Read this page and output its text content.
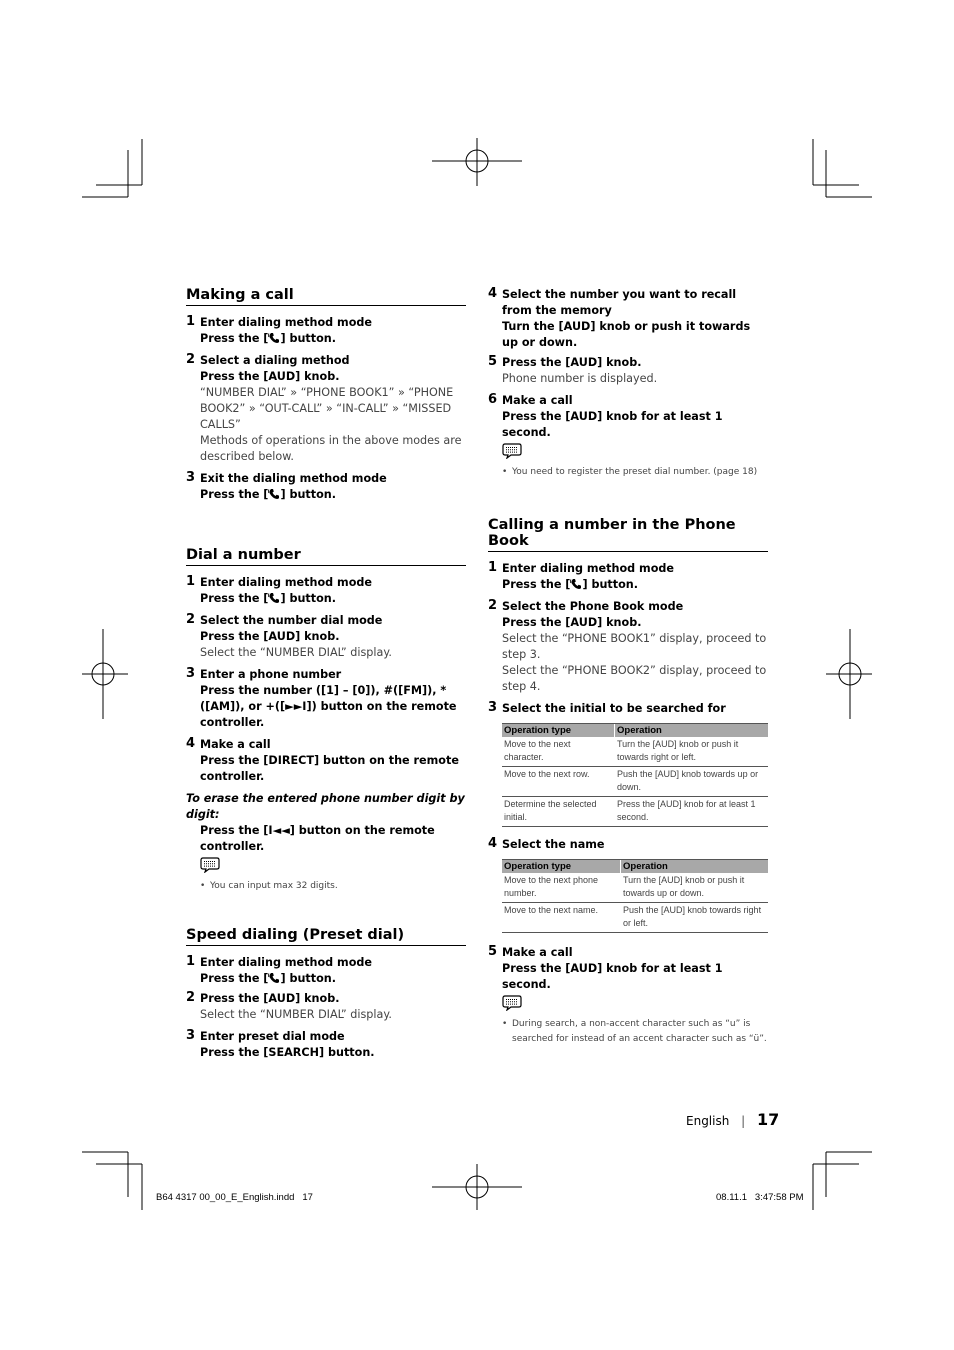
Making a call
1 Enter dialing method mode
Press the [ ] button.
2 Select a dialing method
Press the [AUD] knob.
“NUMBER DIAL” » “PHONE BOOK1” » “PHONE BOOK2” » “OUT-CALL” » “IN-CALL” » “MISSED CALLS”
Methods of operations in the above modes are described below.
3 Exit the dialing method mode
Press the [ ] button.
Dial a number
1 Enter dialing method mode
Press the [ ] button.
2 Select the number dial mode
Press the [AUD] knob.
Select the “NUMBER DIAL” display.
3 Enter a phone number
Press the number ([1] – [0]), #([FM]), *([AM]), or +([►►I]) button on the remote controller.
4 Make a call
Press the [DIRECT] button on the remote controller.
To erase the entered phone number digit by digit:
Press the [I◄◄] button on the remote controller.
• You can input max 32 digits.
Speed dialing (Preset dial)
1 Enter dialing method mode
Press the [ ] button.
2 Press the [AUD] knob.
Select the “NUMBER DIAL” display.
3 Enter preset dial mode
Press the [SEARCH] button.
4 Select the number you want to recall from the memory
Turn the [AUD] knob or push it towards up or down.
5 Press the [AUD] knob.
Phone number is displayed.
6 Make a call
Press the [AUD] knob for at least 1 second.
• You need to register the preset dial number. (page 18)
Calling a number in the Phone Book
1 Enter dialing method mode
Press the [ ] button.
2 Select the Phone Book mode
Press the [AUD] knob.
Select the “PHONE BOOK1” display, proceed to step 3.
Select the “PHONE BOOK2” display, proceed to step 4.
3 Select the initial to be searched for
Operation type	Operation
Move to the next character.	Turn the [AUD] knob or push it towards right or left.
Move to the next row.	Push the [AUD] knob towards up or down.
Determine the selected initial.	Press the [AUD] knob for at least 1 second.
4 Select the name
Operation type	Operation
Move to the next phone number.	Turn the [AUD] knob or push it towards up or down.
Move to the next name.	Push the [AUD] knob towards right or left.
5 Make a call
Press the [AUD] knob for at least 1 second.
• During search, a non-accent character such as “u” is searched for instead of an accent character such as “ü”.
English | 17
B64 4317 00_00_E_English.indd   17	08.11.1   3:47:58 PM
